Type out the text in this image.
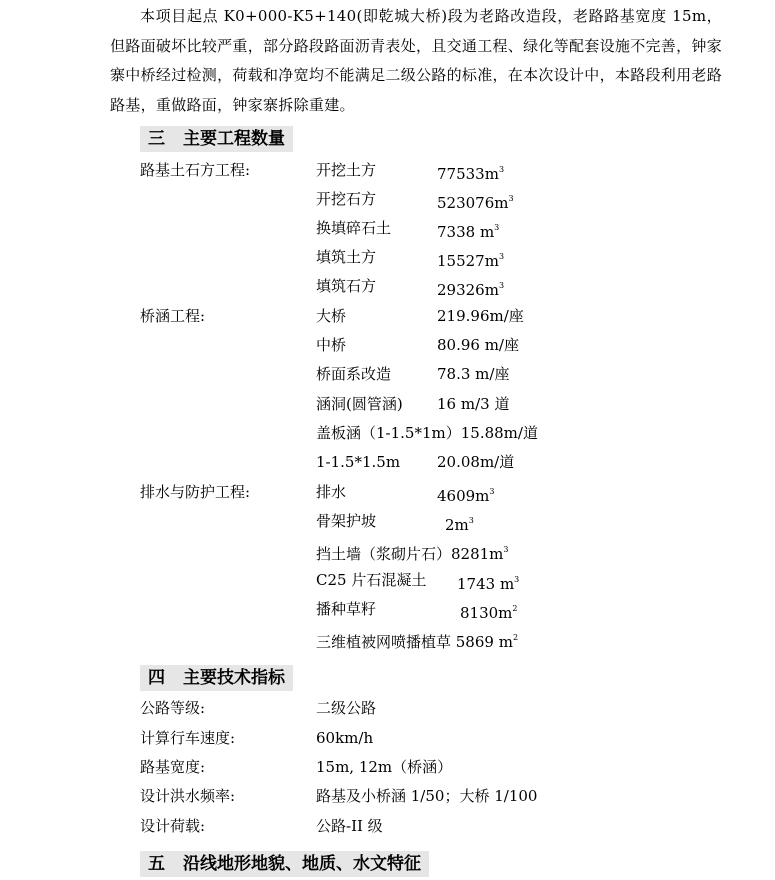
本项目起点 K0+000-K5+140(即乾城大桥)段为老路改造段，老路路基宽度 15m，但路面破坏比较严重，部分路段路面沥青表处，且交通工程、绿化等配套设施不完善，钟家寨中桥经过检测，荷载和净宽均不能满足二级公路的标准，在本次设计中，本路段利用老路路基，重做路面，钟家寨拆除重建。

三 主要工程数量
路基土石方工程:	开挖土方	$77533m^3$
开挖石方	$523076m^3$
换填碎石土	7338 $m^3$
填筑土方	$15527m^3$
填筑石方	$29326m^3$
桥涵工程:	大桥	219.96m/座
中桥	80.96 m/座
桥面系改造	78.3 m/座
涵洞(圆管涵) 16 m/3 道
盖板涵（1-1.5*1m）15.88m/道
1-1.5*1.5m 20.08m/道
排水与防护工程:	排水	$4609m^3$
骨架护坡	$2m^3$
挡土墙（浆砌片石）$8281m^3$
C25 片石混凝土 1743 $m^3$
播种草籽	$8130m^2$
三维植被网喷播植草 5869 $m^2$
四 主要技术指标
公路等级:	二级公路
计算行车速度:	60km/h
路基宽度:	15m, 12m（桥涵）
设计洪水频率:	路基及小桥涵 1/50；大桥 1/100
设计荷载:	公路-II 级
五 沿线地形地貌、地质、水文特征
